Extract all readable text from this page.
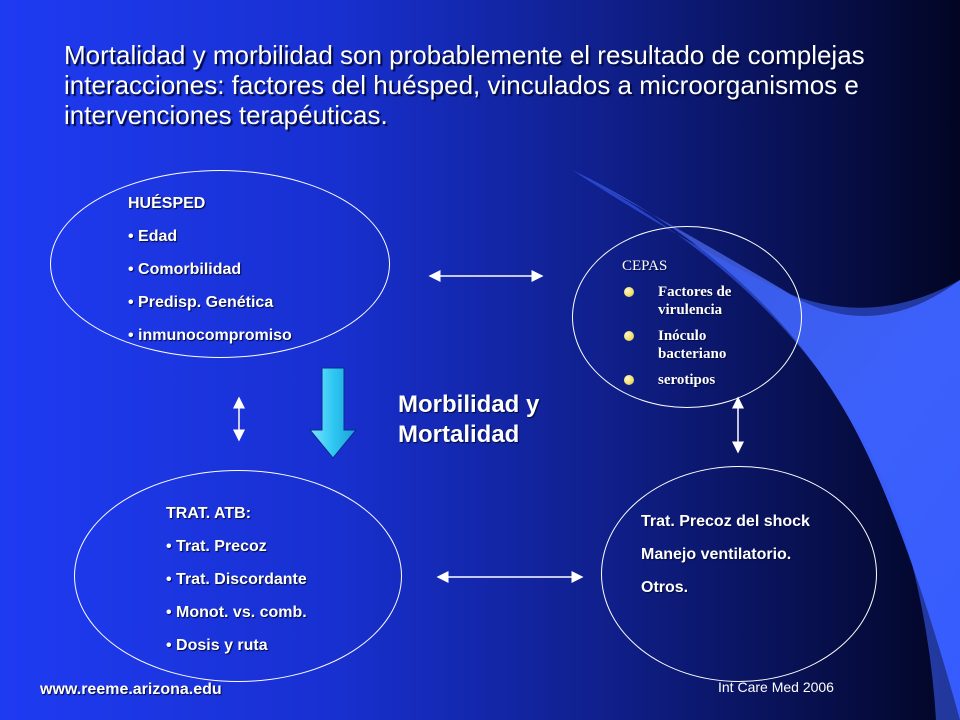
Mortalidad y morbilidad son probablemente el resultado de complejas interacciones: factores del huésped, vinculados a microorganismos e intervenciones terapéuticas.
HUÉSPED
• Edad
• Comorbilidad
• Predisp. Genética
• inmunocompromiso
CEPAS
Factores de virulencia
Inóculo bacteriano
serotipos
TRAT. ATB:
• Trat. Precoz
• Trat. Discordante
• Monot. vs. comb.
• Dosis y ruta
Trat. Precoz del shock
Manejo ventilatorio.
Otros.
Morbilidad y
Mortalidad
www.reeme.arizona.edu	Int Care Med 2006
